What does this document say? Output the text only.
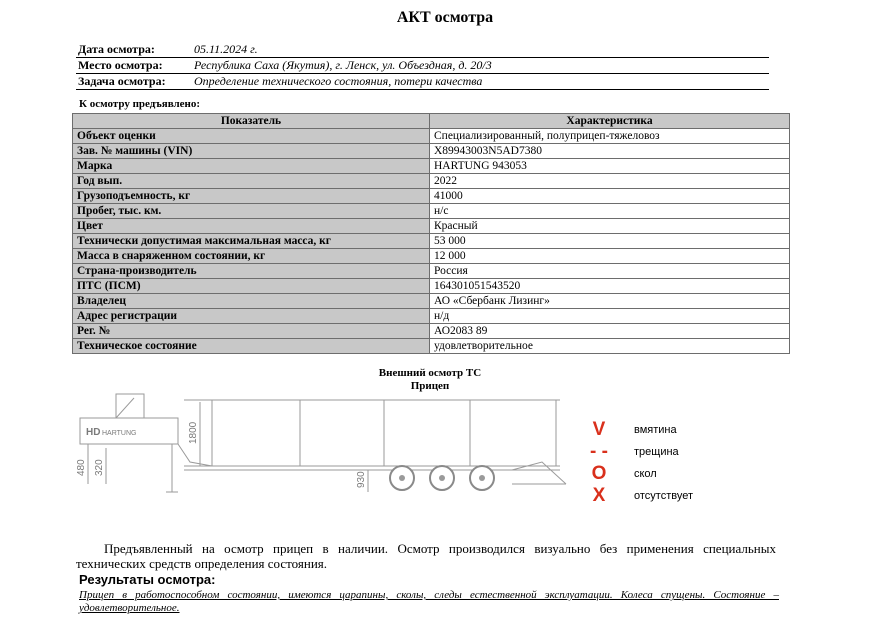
АКТ осмотра
Дата осмотра:	05.11.2024 г.
Место осмотра:	Республика Саха (Якутия), г. Ленск, ул. Объездная, д. 20/3
Задача осмотра: Определение технического состояния, потери качества
К осмотру предъявлено:
Показатель	Характеристика
Объект оценки	Специализированный, полуприцеп-тяжеловоз
Зав. № машины (VIN)	X89943003N5AD7380
Марка	HARTUNG 943053
Год вып.	2022
Грузоподъемность, кг	41000
Пробег, тыс. км.	н/с
Цвет	Красный
Технически допустимая максимальная масса, кг	53 000
Масса в снаряженном состоянии, кг	12 000
Страна-производитель	Россия
ПТС (ПСМ)	164301051543520
Владелец	АО «Сбербанк Лизинг»
Адрес регистрации	н/д
Рег. №	АО2083 89
Техническое состояние	удовлетворительное
Внешний осмотр ТС
Прицеп
HD HARTUNG
480 320
1800
930
V	вмятина
- - трещина
O	скол
X	отсутствует
Предъявленный на осмотр прицеп в наличии. Осмотр производился визуально без применения специальных технических средств определения состояния.
Результаты осмотра:
Прицеп в работоспособном состоянии, имеются царапины, сколы, следы естественной эксплуатации. Колеса спущены. Состояние – удовлетворительное.
